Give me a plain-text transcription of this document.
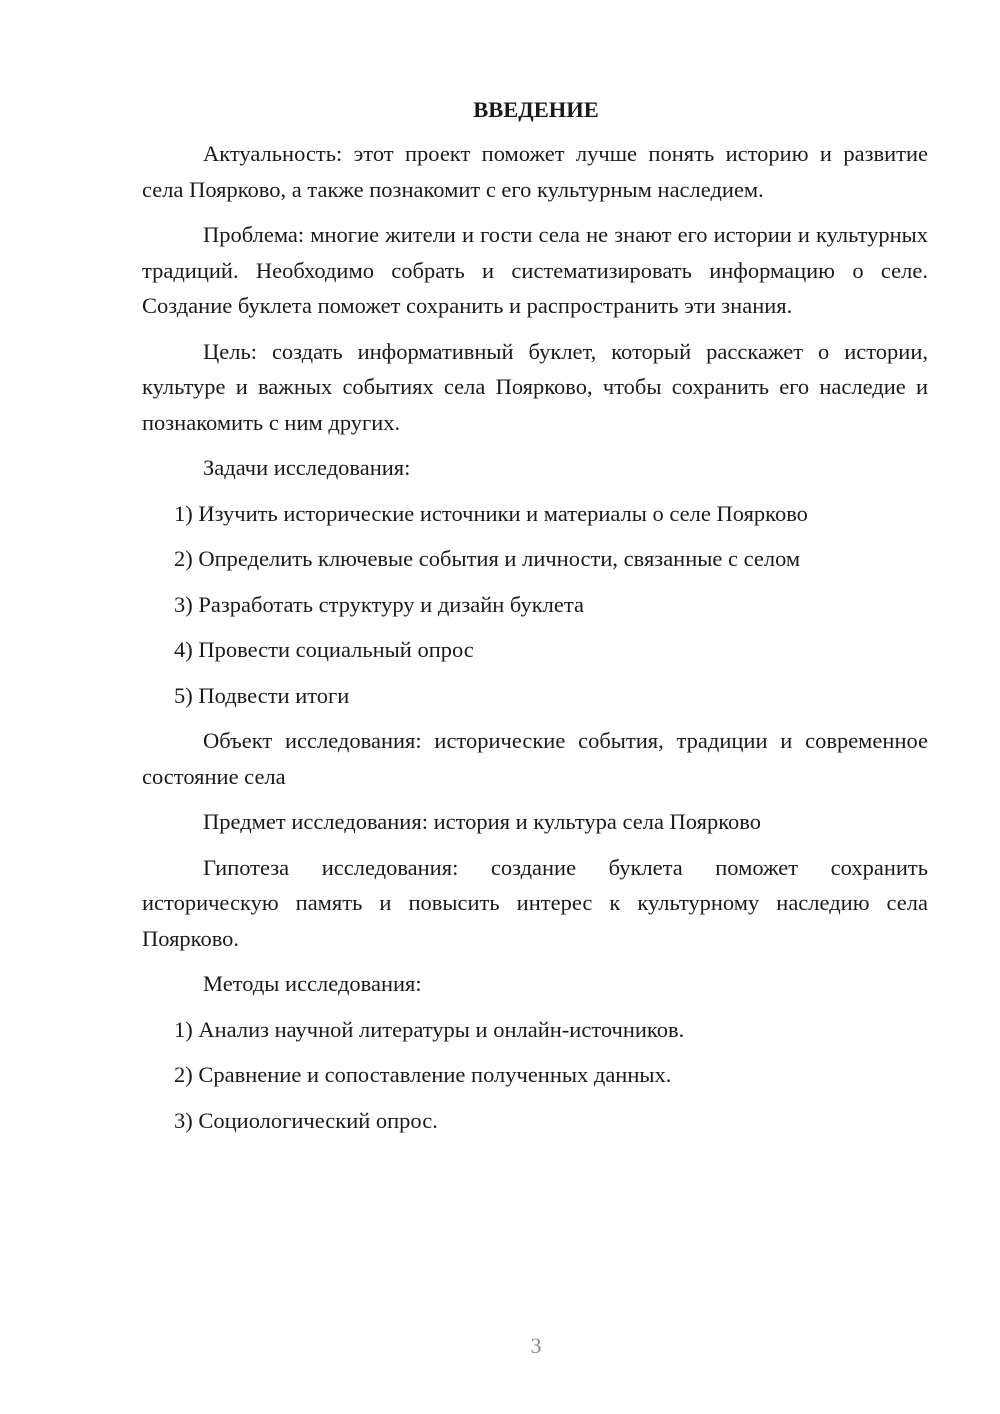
ВВЕДЕНИЕ

Актуальность: этот проект поможет лучше понять историю и развитие села Поярково, а также познакомит с его культурным наследием.

Проблема: многие жители и гости села не знают его истории и культурных традиций. Необходимо собрать и систематизировать информацию о селе. Создание буклета поможет сохранить и распространить эти знания.

Цель: создать информативный буклет, который расскажет о истории, культуре и важных событиях села Поярково, чтобы сохранить его наследие и познакомить с ним других.

Задачи исследования:

1) Изучить исторические источники и материалы о селе Поярково

2) Определить ключевые события и личности, связанные с селом

3) Разработать структуру и дизайн буклета

4) Провести социальный опрос

5) Подвести итоги

Объект исследования: исторические события, традиции и современное состояние села

Предмет исследования: история и культура села Поярково

Гипотеза исследования: создание буклета поможет сохранить историческую память и повысить интерес к культурному наследию села Поярково.

Методы исследования:

1) Анализ научной литературы и онлайн-источников.

2) Сравнение и сопоставление полученных данных.

3) Социологический опрос.

3
